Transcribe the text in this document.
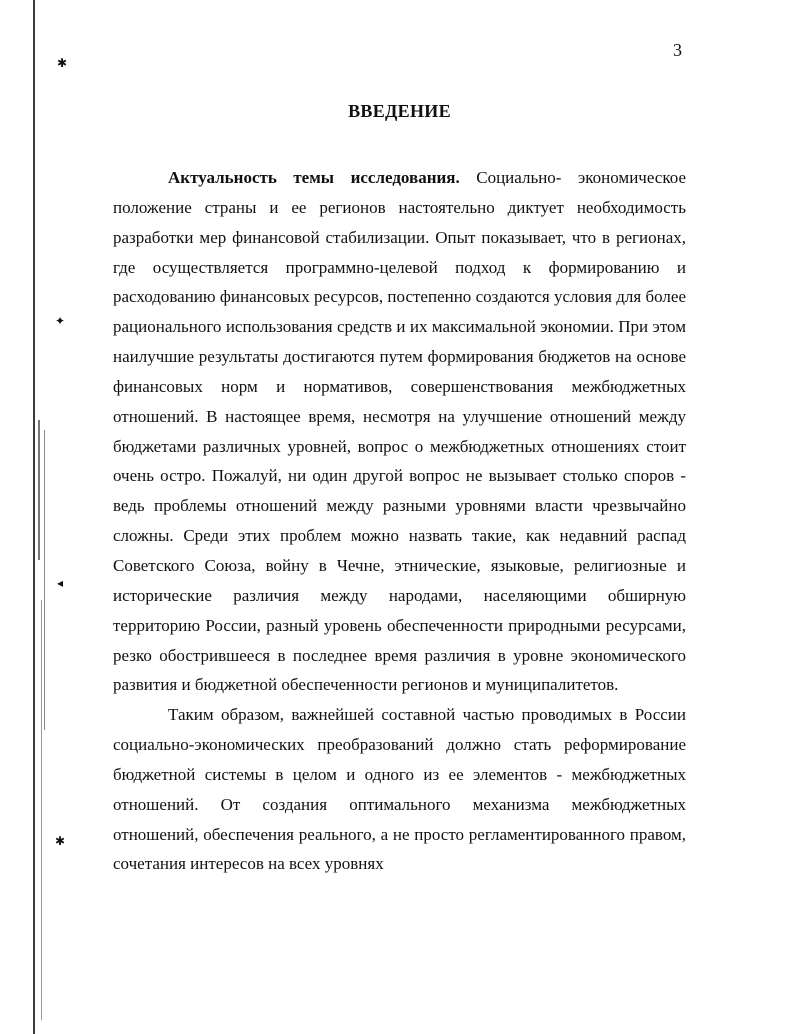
✱
✦
◂
✱
3
ВВЕДЕНИЕ

Актуальность темы исследования. Социально- экономическое положение страны и ее регионов настоятельно диктует необходимость разработки мер финансовой стабилизации. Опыт показывает, что в регионах, где осуществляется программно-целевой подход к формированию и расходованию финансовых ресурсов, постепенно создаются условия для более рационального использования средств и их максимальной экономии. При этом наилучшие результаты достигаются путем формирования бюджетов на основе финансовых норм и нормативов, совершенствования межбюджетных отношений. В настоящее время, несмотря на улучшение отношений между бюджетами различных уровней, вопрос о межбюджетных отношениях стоит очень остро. Пожалуй, ни один другой вопрос не вызывает столько споров - ведь проблемы отношений между разными уровнями власти чрезвычайно сложны. Среди этих проблем можно назвать такие, как недавний распад Советского Союза, войну в Чечне, этнические, языковые, религиозные и исторические различия между народами, населяющими обширную территорию России, разный уровень обеспеченности природными ресурсами, резко обострившееся в последнее время различия в уровне экономического развития и бюджетной обеспеченности регионов и муниципалитетов.

Таким образом, важнейшей составной частью проводимых в России социально-экономических преобразований должно стать реформирование бюджетной системы в целом и одного из ее элементов - межбюджетных отношений. От создания оптимального механизма межбюджетных отношений, обеспечения реального, а не просто регламентированного правом, сочетания интересов на всех уровнях
